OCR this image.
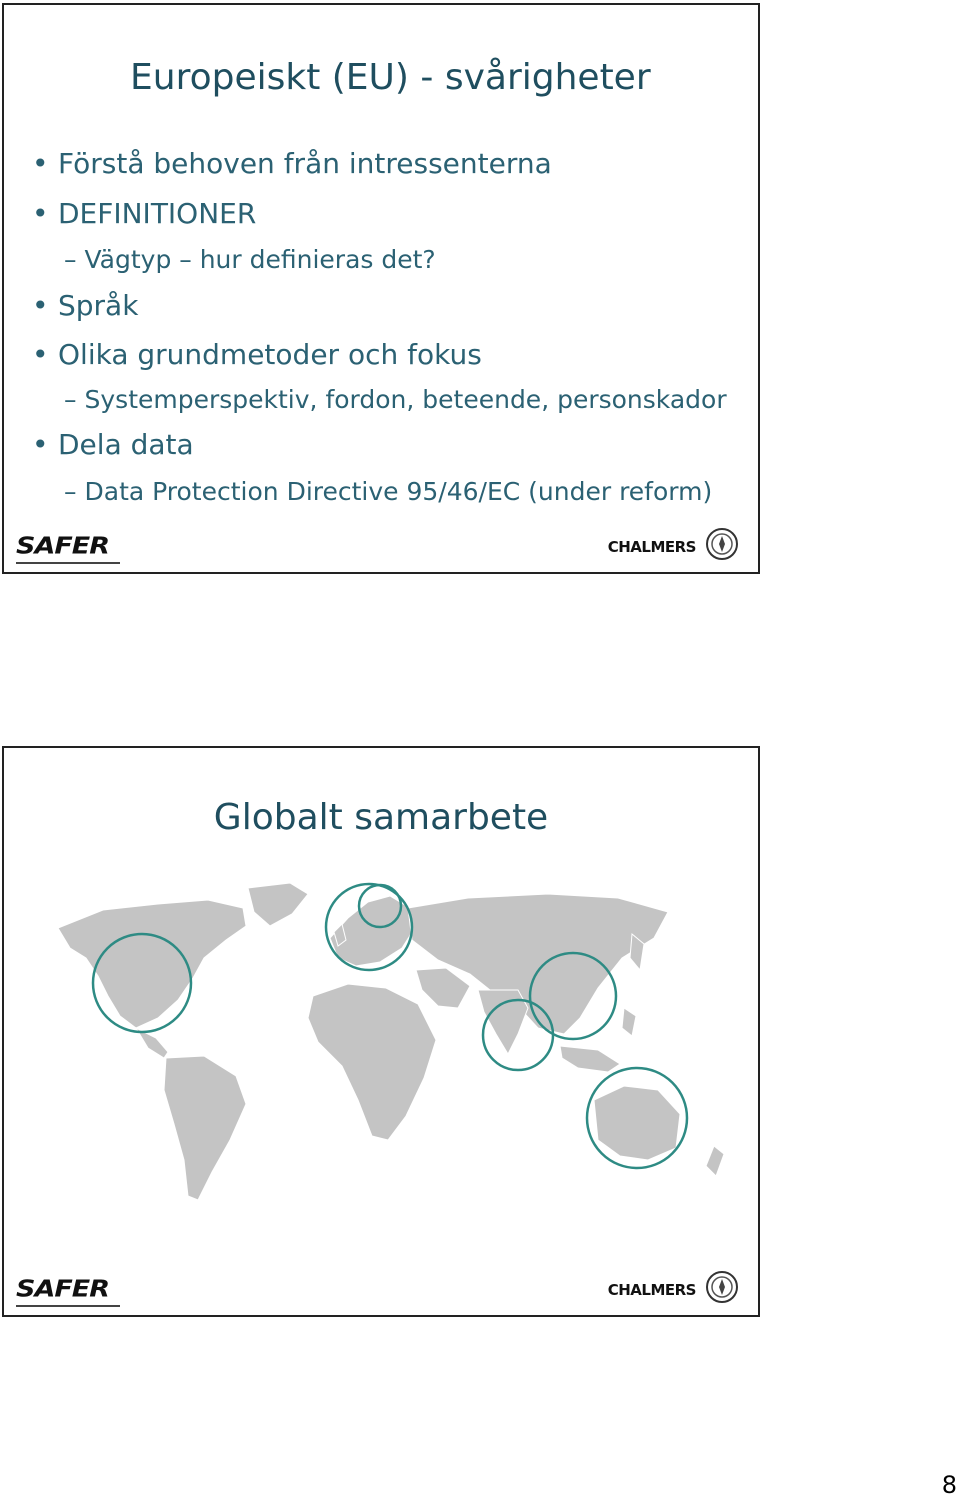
Europeiskt (EU) - svårigheter
• Förstå behoven från intressenterna
• DEFINITIONER
– Vägtyp – hur definieras det?
• Språk
• Olika grundmetoder och fokus
– Systemperspektiv, fordon, beteende, personskador
• Dela data
– Data Protection Directive 95/46/EC (under reform)
SAFER	CHALMERS
Globalt samarbete
SAFER	CHALMERS
8
